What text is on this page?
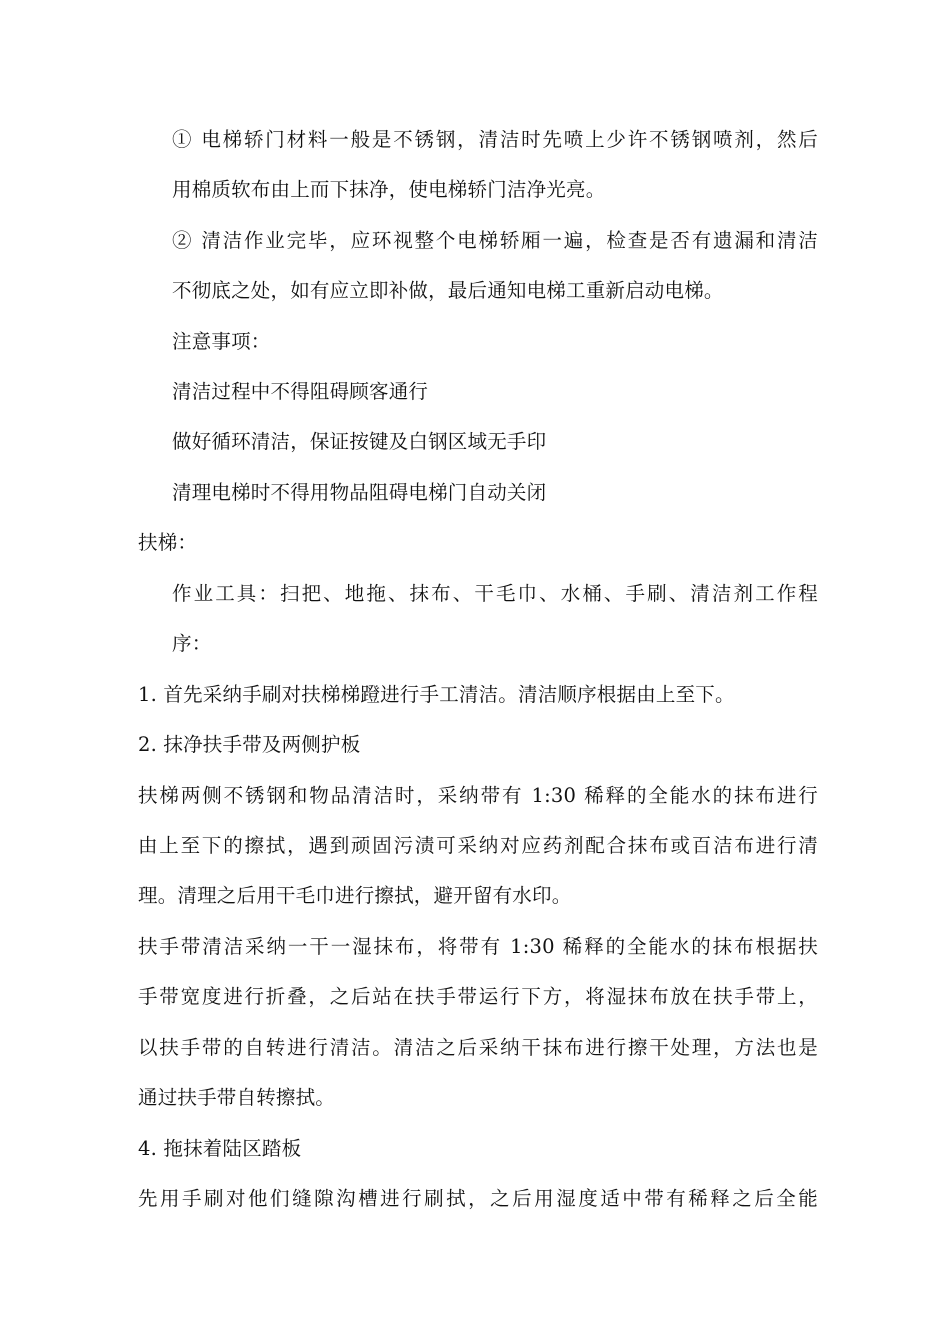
① 电梯轿门材料一般是不锈钢，清洁时先喷上少许不锈钢喷剂，然后
用棉质软布由上而下抹净，使电梯轿门洁净光亮。
② 清洁作业完毕，应环视整个电梯轿厢一遍，检查是否有遗漏和清洁
不彻底之处，如有应立即补做，最后通知电梯工重新启动电梯。
注意事项：
清洁过程中不得阻碍顾客通行
做好循环清洁，保证按键及白钢区域无手印
清理电梯时不得用物品阻碍电梯门自动关闭
扶梯：
作业工具：扫把、地拖、抹布、干毛巾、水桶、手刷、清洁剂工作程
序：
1. 首先采纳手刷对扶梯梯蹬进行手工清洁。清洁顺序根据由上至下。
2. 抹净扶手带及两侧护板
扶梯两侧不锈钢和物品清洁时，采纳带有 1:30 稀释的全能水的抹布进行
由上至下的擦拭，遇到顽固污渍可采纳对应药剂配合抹布或百洁布进行清
理。清理之后用干毛巾进行擦拭，避开留有水印。
扶手带清洁采纳一干一湿抹布，将带有 1:30 稀释的全能水的抹布根据扶
手带宽度进行折叠，之后站在扶手带运行下方，将湿抹布放在扶手带上，
以扶手带的自转进行清洁。清洁之后采纳干抹布进行擦干处理，方法也是
通过扶手带自转擦拭。
4. 拖抹着陆区踏板
先用手刷对他们缝隙沟槽进行刷拭，之后用湿度适中带有稀释之后全能
